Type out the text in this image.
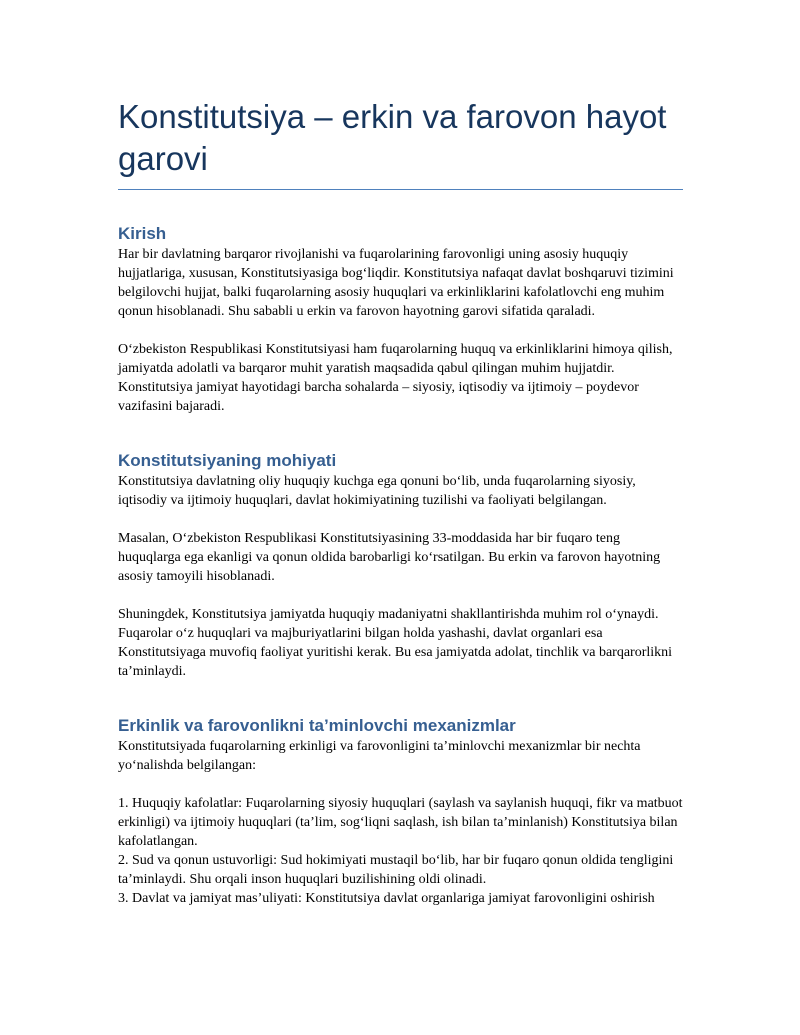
Konstitutsiya – erkin va farovon hayot garovi
Kirish

Har bir davlatning barqaror rivojlanishi va fuqarolarining farovonligi uning asosiy huquqiy hujjatlariga, xususan, Konstitutsiyasiga bog‘liqdir. Konstitutsiya nafaqat davlat boshqaruvi tizimini belgilovchi hujjat, balki fuqarolarning asosiy huquqlari va erkinliklarini kafolatlovchi eng muhim qonun hisoblanadi. Shu sababli u erkin va farovon hayotning garovi sifatida qaraladi.

O‘zbekiston Respublikasi Konstitutsiyasi ham fuqarolarning huquq va erkinliklarini himoya qilish, jamiyatda adolatli va barqaror muhit yaratish maqsadida qabul qilingan muhim hujjatdir. Konstitutsiya jamiyat hayotidagi barcha sohalarda – siyosiy, iqtisodiy va ijtimoiy – poydevor vazifasini bajaradi.

Konstitutsiyaning mohiyati

Konstitutsiya davlatning oliy huquqiy kuchga ega qonuni bo‘lib, unda fuqarolarning siyosiy, iqtisodiy va ijtimoiy huquqlari, davlat hokimiyatining tuzilishi va faoliyati belgilangan.

Masalan, O‘zbekiston Respublikasi Konstitutsiyasining 33-moddasida har bir fuqaro teng huquqlarga ega ekanligi va qonun oldida barobarligi ko‘rsatilgan. Bu erkin va farovon hayotning asosiy tamoyili hisoblanadi.

Shuningdek, Konstitutsiya jamiyatda huquqiy madaniyatni shakllantirishda muhim rol o‘ynaydi. Fuqarolar o‘z huquqlari va majburiyatlarini bilgan holda yashashi, davlat organlari esa Konstitutsiyaga muvofiq faoliyat yuritishi kerak. Bu esa jamiyatda adolat, tinchlik va barqarorlikni ta’minlaydi.

Erkinlik va farovonlikni ta’minlovchi mexanizmlar

Konstitutsiyada fuqarolarning erkinligi va farovonligini ta’minlovchi mexanizmlar bir nechta yo‘nalishda belgilangan:

1. Huquqiy kafolatlar: Fuqarolarning siyosiy huquqlari (saylash va saylanish huquqi, fikr va matbuot erkinligi) va ijtimoiy huquqlari (ta’lim, sog‘liqni saqlash, ish bilan ta’minlanish) Konstitutsiya bilan kafolatlangan.

2. Sud va qonun ustuvorligi: Sud hokimiyati mustaqil bo‘lib, har bir fuqaro qonun oldida tengligini ta’minlaydi. Shu orqali inson huquqlari buzilishining oldi olinadi.

3. Davlat va jamiyat mas’uliyati: Konstitutsiya davlat organlariga jamiyat farovonligini oshirish
